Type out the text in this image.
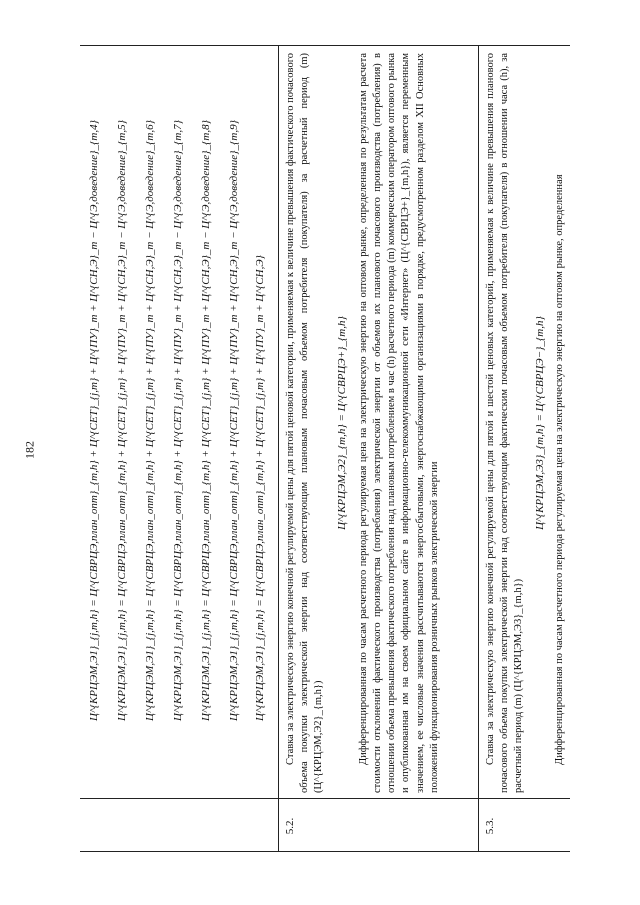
182	Ц^{КРЦЭМ,Э1}_{j,m,h} = Ц^{СВРЦЭ,план_опт}_{m,h} + Ц^{СЕТ}_{j,m} + Ц^{ПУ}_m + Ц^{СН,Э}_m − Ц^{Э,доведение}_{m,4} Ц^{КРЦЭМ,Э1}_{j,m,h} = Ц^{СВРЦЭ,план_опт}_{m,h} + Ц^{СЕТ}_{j,m} + Ц^{ПУ}_m + Ц^{СН,Э}_m − Ц^{Э,доведение}_{m,5} Ц^{КРЦЭМ,Э1}_{j,m,h} = Ц^{СВРЦЭ,план_опт}_{m,h} + Ц^{СЕТ}_{j,m} + Ц^{ПУ}_m + Ц^{СН,Э}_m − Ц^{Э,доведение}_{m,6} Ц^{КРЦЭМ,Э1}_{j,m,h} = Ц^{СВРЦЭ,план_опт}_{m,h} + Ц^{СЕТ}_{j,m} + Ц^{ПУ}_m + Ц^{СН,Э}_m − Ц^{Э,доведение}_{m,7} Ц^{КРЦЭМ,Э1}_{j,m,h} = Ц^{СВРЦЭ,план_опт}_{m,h} + Ц^{СЕТ}_{j,m} + Ц^{ПУ}_m + Ц^{СН,Э}_m − Ц^{Э,доведение}_{m,8} Ц^{КРЦЭМ,Э1}_{j,m,h} = Ц^{СВРЦЭ,план_опт}_{m,h} + Ц^{СЕТ}_{j,m} + Ц^{ПУ}_m + Ц^{СН,Э}_m − Ц^{Э,доведение}_{m,9} Ц^{КРЦЭМ,Э1}_{j,m,h} = Ц^{СВРЦЭ,план_опт}_{m,h} + Ц^{СЕТ}_{j,m} + Ц^{ПУ}_m + Ц^{СН,Э}
5.2.

Ставка за электрическую энергию конечной регулируемой цены для пятой ценовой категории, применяемая к величине превышения фактического почасового объема покупки электрической энергии над соответствующим плановым почасовым объемом потребителя (покупателя) за расчетный период (m) (Ц^{КРЦЭМ,Э2}_{m,h})

Ц^{КРЦЭМ,Э2}_{m,h} = Ц^{СВРЦЭ+}_{m,h} Дифференцированная по часам расчетного периода регулируемая цена на электрическую энергию на оптовом рынке, определенная по результатам расчета стоимости отклонений фактического производства (потребления) электрической энергии от объемов их планового почасового производства (потребления) в отношении объема превышения фактического потребления над плановым потреблением в час (h) расчетного периода (m) коммерческим оператором оптового рынка и опубликованная им на своем официальном сайте в информационно-телекоммуникационной сети «Интернет» (Ц^{СВРЦЭ+}_{m,h}), является переменным значением, ее числовые значения рассчитываются энергосбытовыми, энергоснабжающими организациями в порядке, предусмотренном разделом XII Основных положений функционирования розничных рынков электрической энергии

5.3.

Ставка за электрическую энергию конечной регулируемой цены для пятой и шестой ценовых категорий, применяемая к величине превышения планового почасового объема покупки электрической энергии над соответствующим фактическим почасовым объемом потребителя (покупателя) в отношении часа (h), за расчетный период (m) (Ц^{КРЦЭМ,Э3}_{m,h})

Ц^{КРЦЭМ,Э3}_{m,h} = Ц^{СВРЦЭ−}_{m,h} Дифференцированная по часам расчетного периода регулируемая цена на электрическую энергию на оптовом рынке, определенная
